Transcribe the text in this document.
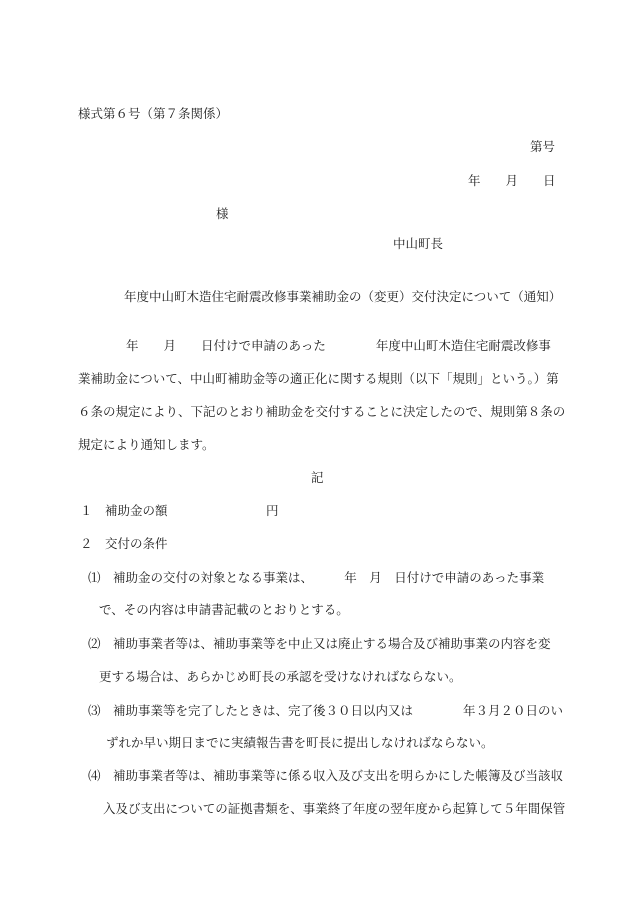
様式第６号（第７条関係）
第号
年　　月　　日
様
中山町長
年度中山町木造住宅耐震改修事業補助金の（変更）交付決定について（通知）
年　　月　　日付けで申請のあった　　　　年度中山町木造住宅耐震改修事
業補助金について、中山町補助金等の適正化に関する規則（以下「規則」という。）第
６条の規定により、下記のとおり補助金を交付することに決定したので、規則第８条の
規定により通知します。
記
１　補助金の額	円
２　交付の条件
⑴ 補助金の交付の対象となる事業は、　　　年　月　日付けで申請のあった事業
で、その内容は申請書記載のとおりとする。
⑵ 補助事業者等は、補助事業等を中止又は廃止する場合及び補助事業の内容を変
更する場合は、あらかじめ町長の承認を受けなければならない。
⑶ 補助事業等を完了したときは、完了後３０日以内又は　　　　年３月２０日のい
ずれか早い期日までに実績報告書を町長に提出しなければならない。
⑷ 補助事業者等は、補助事業等に係る収入及び支出を明らかにした帳簿及び当該収
入及び支出についての証拠書類を、事業終了年度の翌年度から起算して５年間保管
